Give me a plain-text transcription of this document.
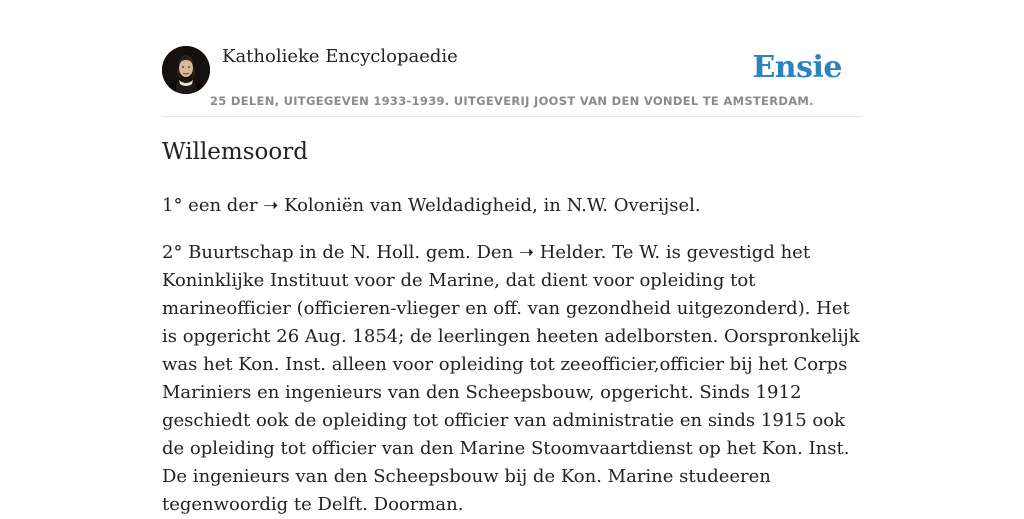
Katholieke Encyclopaedie
25 DELEN, UITGEGEVEN 1933-1939. UITGEVERIJ JOOST VAN DEN VONDEL TE AMSTERDAM.
Ensie
Willemsoord

1° een der ➝ Koloniën van Weldadigheid, in N.W. Overijsel.

2° Buurtschap in de N. Holl. gem. Den ➝ Helder. Te W. is gevestigd het Koninklijke Instituut voor de Marine, dat dient voor opleiding tot marineofficier (officieren-vlieger en off. van gezondheid uitgezonderd). Het is opgericht 26 Aug. 1854; de leerlingen heeten adelborsten. Oorspronkelijk was het Kon. Inst. alleen voor opleiding tot zeeofficier,officier bij het Corps Mariniers en ingenieurs van den Scheepsbouw, opgericht. Sinds 1912 geschiedt ook de opleiding tot officier van administratie en sinds 1915 ook de opleiding tot officier van den Marine Stoomvaartdienst op het Kon. Inst. De ingenieurs van den Scheepsbouw bij de Kon. Marine studeeren tegenwoordig te Delft. Doorman.
